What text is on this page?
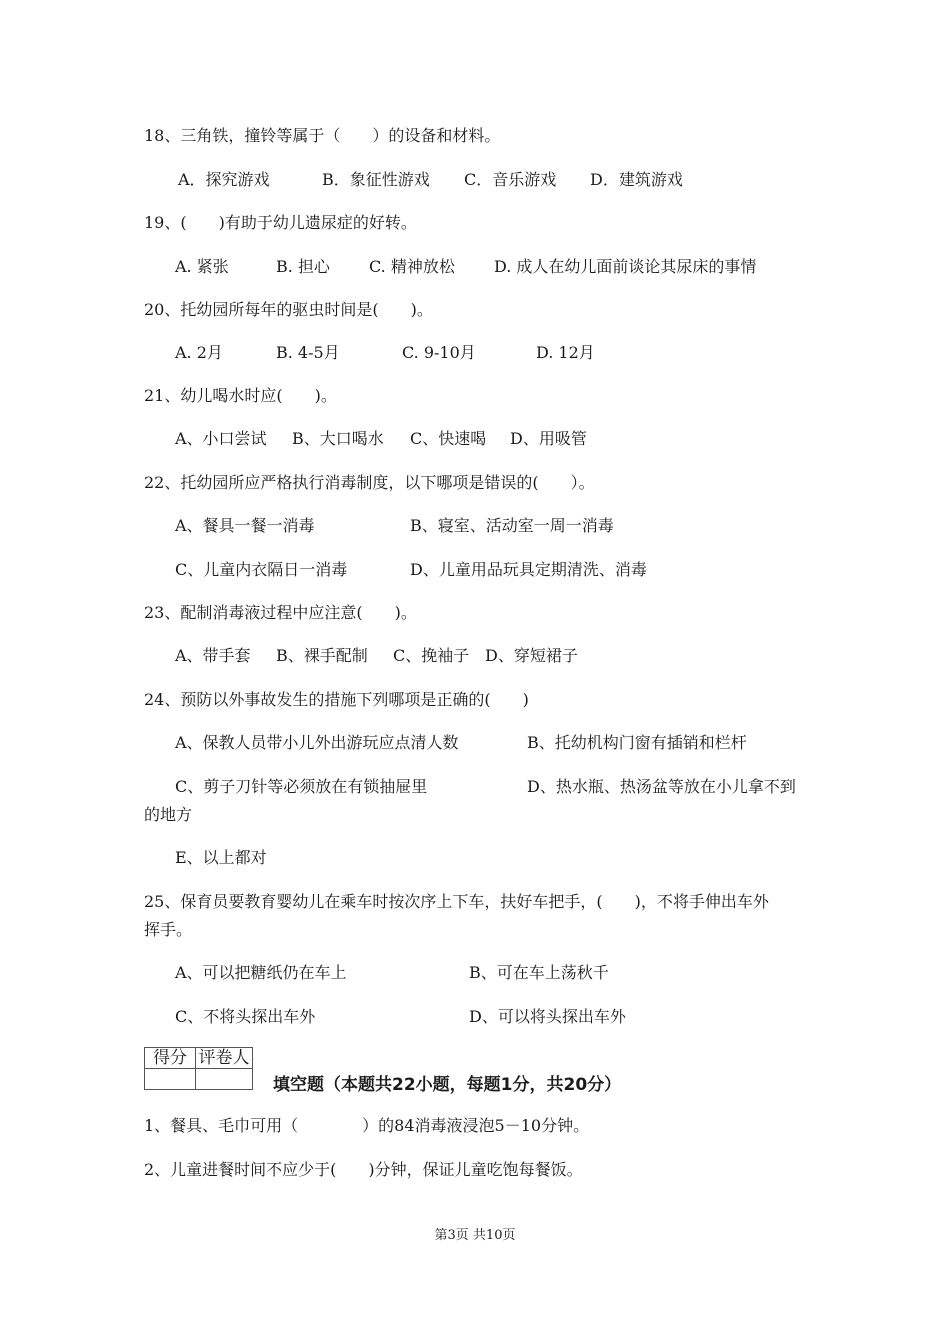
18、三角铁，撞铃等属于（　　）的设备和材料。
A．探究游戏	B．象征性游戏 C．音乐游戏 D．建筑游戏
19、(　　)有助于幼儿遗尿症的好转。
A. 紧张	B. 担心 C. 精神放松 D. 成人在幼儿面前谈论其尿床的事情
20、托幼园所每年的驱虫时间是(　　)。
A. 2月	B. 4-5月	C. 9-10月	D. 12月
21、幼儿喝水时应(　　)。
A、小口尝试 B、大口喝水 C、快速喝 D、用吸管
22、托幼园所应严格执行消毒制度，以下哪项是错误的(　　）。
A、餐具一餐一消毒	B、寝室、活动室一周一消毒
C、儿童内衣隔日一消毒	D、儿童用品玩具定期清洗、消毒
23、配制消毒液过程中应注意(　　)。
A、带手套 B、裸手配制 C、挽袖子 D、穿短裙子
24、预防以外事故发生的措施下列哪项是正确的(　　)
A、保教人员带小儿外出游玩应点清人数	B、托幼机构门窗有插销和栏杆
C、剪子刀针等必须放在有锁抽屉里	D、热水瓶、热汤盆等放在小儿拿不到
的地方
E、以上都对
25、保育员要教育婴幼儿在乘车时按次序上下车，扶好车把手，(　　)，不将手伸出车外
挥手。
A、可以把糖纸仍在车上	B、可在车上荡秋千
C、不将头探出车外	D、可以将头探出车外
得分	评卷人

填空题（本题共22小题，每题1分，共20分）
1、餐具、毛巾可用（　　　　）的84消毒液浸泡5－10分钟。
2、儿童进餐时间不应少于(　　)分钟，保证儿童吃饱每餐饭。
第3页 共10页
